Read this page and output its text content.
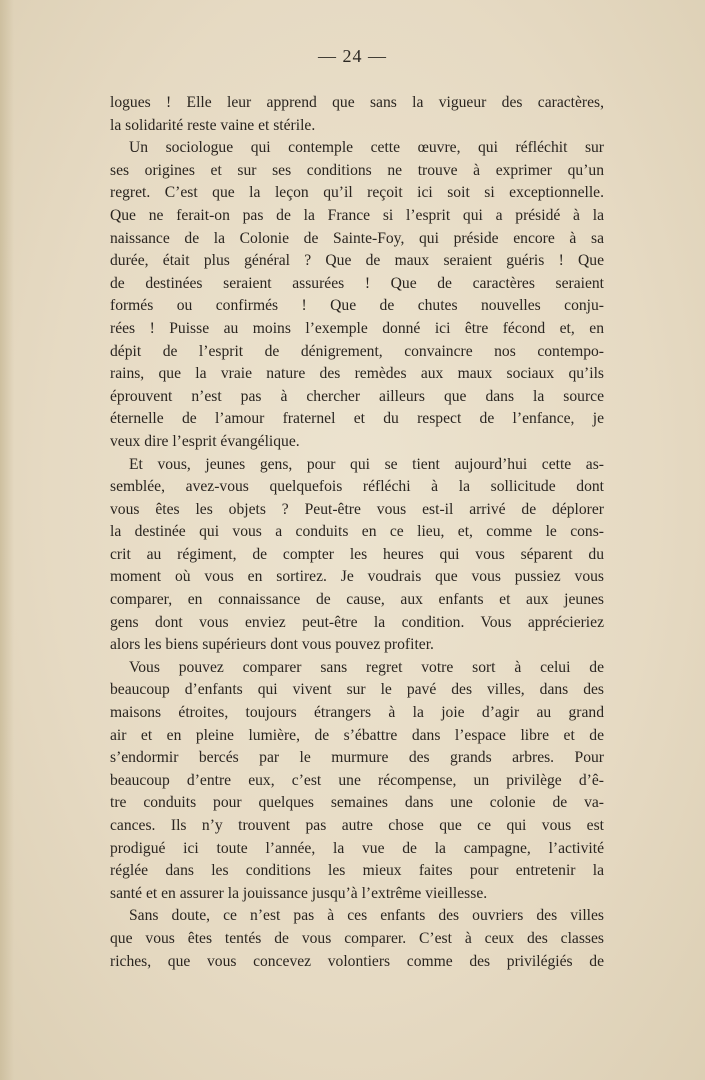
— 24 —
logues ! Elle leur apprend que sans la vigueur des caractères,
la solidarité reste vaine et stérile.
Un sociologue qui contemple cette œuvre, qui réfléchit sur
ses origines et sur ses conditions ne trouve à exprimer qu’un
regret. C’est que la leçon qu’il reçoit ici soit si exceptionnelle.
Que ne ferait-on pas de la France si l’esprit qui a présidé à la
naissance de la Colonie de Sainte-Foy, qui préside encore à sa
durée, était plus général ? Que de maux seraient guéris ! Que
de destinées seraient assurées ! Que de caractères seraient
formés ou confirmés ! Que de chutes nouvelles conju-
rées ! Puisse au moins l’exemple donné ici être fécond et, en
dépit de l’esprit de dénigrement, convaincre nos contempo-
rains, que la vraie nature des remèdes aux maux sociaux qu’ils
éprouvent n’est pas à chercher ailleurs que dans la source
éternelle de l’amour fraternel et du respect de l’enfance, je
veux dire l’esprit évangélique.
Et vous, jeunes gens, pour qui se tient aujourd’hui cette as-
semblée, avez-vous quelquefois réfléchi à la sollicitude dont
vous êtes les objets ? Peut-être vous est-il arrivé de déplorer
la destinée qui vous a conduits en ce lieu, et, comme le cons-
crit au régiment, de compter les heures qui vous séparent du
moment où vous en sortirez. Je voudrais que vous pussiez vous
comparer, en connaissance de cause, aux enfants et aux jeunes
gens dont vous enviez peut-être la condition. Vous apprécieriez
alors les biens supérieurs dont vous pouvez profiter.
Vous pouvez comparer sans regret votre sort à celui de
beaucoup d’enfants qui vivent sur le pavé des villes, dans des
maisons étroites, toujours étrangers à la joie d’agir au grand
air et en pleine lumière, de s’ébattre dans l’espace libre et de
s’endormir bercés par le murmure des grands arbres. Pour
beaucoup d’entre eux, c’est une récompense, un privilège d’ê-
tre conduits pour quelques semaines dans une colonie de va-
cances. Ils n’y trouvent pas autre chose que ce qui vous est
prodigué ici toute l’année, la vue de la campagne, l’activité
réglée dans les conditions les mieux faites pour entretenir la
santé et en assurer la jouissance jusqu’à l’extrême vieillesse.
Sans doute, ce n’est pas à ces enfants des ouvriers des villes
que vous êtes tentés de vous comparer. C’est à ceux des classes
riches, que vous concevez volontiers comme des privilégiés de
